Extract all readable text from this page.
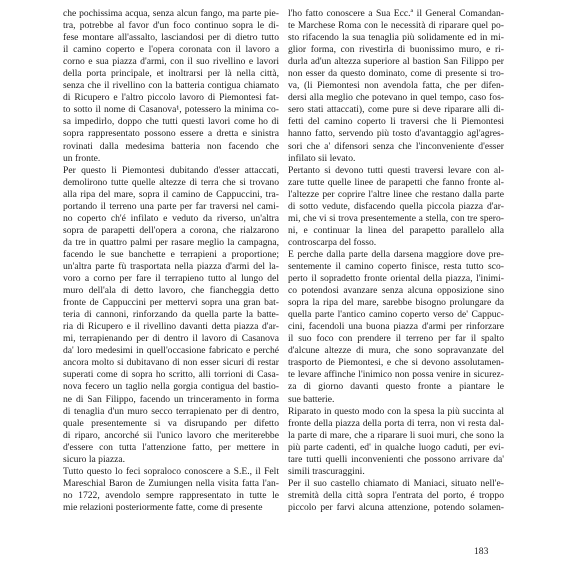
che pochissima acqua, senza alcun fango, ma parte pie-
tra, potrebbe al favor d'un foco continuo sopra le di-
fese montare all'assalto, lasciandosi per di dietro tutto
il camino coperto e l'opera coronata con il lavoro a
corno e sua piazza d'armi, con il suo rivellino e lavori
della porta principale, et inoltrarsi per là nella città,
senza che il rivellino con la batteria contigua chiamato
di Ricupero e l'altro piccolo lavoro di Piemontesi fat-
to sotto il nome di Casanova¹, potessero la minima co-
sa impedirlo, doppo che tutti questi lavori come ho di
sopra rappresentato possono essere a dretta e sinistra
rovinati dalla medesima batteria non facendo che
un fronte.
Per questo li Piemontesi dubitando d'esser attaccati,
demolirono tutte quelle altezze di terra che si trovano
alla ripa del mare, sopra il camino de Cappuccini, tra-
portando il terreno una parte per far traversi nel cami-
no coperto ch'é infilato e veduto da riverso, un'altra
sopra de parapetti dell'opera a corona, che rialzarono
da tre in quattro palmi per rasare meglio la campagna,
facendo le sue banchette e terrapieni a proportione;
un'altra parte fù trasportata nella piazza d'armi del la-
voro a corno per fare il terrapieno tutto al lungo del
muro dell'ala di detto lavoro, che fiancheggia detto
fronte de Cappuccini per mettervi sopra una gran bat-
teria di cannoni, rinforzando da quella parte la batte-
ria di Ricupero e il rivellino davanti detta piazza d'ar-
mi, terrapienando per di dentro il lavoro di Casanova
da' loro medesimi in quell'occasione fabricato e perché
ancora molto si dubitavano di non esser sicuri di restar
superati come di sopra ho scritto, alli torrioni di Casa-
nova fecero un taglio nella gorgia contigua del bastio-
ne di San Filippo, facendo un trinceramento in forma
di tenaglia d'un muro secco terrapienato per di dentro,
quale presentemente si va disrupando per difetto
di riparo, ancorché sii l'unico lavoro che meriterebbe
d'essere con tutta l'attenzione fatto, per mettere in
sicuro la piazza.
Tutto questo lo feci sopraloco conoscere a S.E., il Felt
Mareschial Baron de Zumiungen nella visita fatta l'an-
no 1722, avendolo sempre rappresentato in tutte le
mie relazioni posteriormente fatte, come di presente
l'ho fatto conoscere a Sua Ecc.ª il General Comandan-
te Marchese Roma con le necessità di riparare quel po-
sto rifacendo la sua tenaglia più solidamente ed in mi-
glior forma, con rivestirla di buonissimo muro, e ri-
durla ad'un altezza superiore al bastion San Filippo per
non esser da questo dominato, come di presente si tro-
va, (li Piemontesi non avendola fatta, che per difen-
dersi alla meglio che potevano in quel tempo, caso fos-
sero stati attaccati), come pure si deve riparare alli di-
fetti del camino coperto li traversi che li Piemontesi
hanno fatto, servendo più tosto d'avantaggio agl'agres-
sori che a' difensori senza che l'inconveniente d'esser
infilato sii levato.
Pertanto si devono tutti questi traversi levare con al-
zare tutte quelle linee de parapetti che fanno fronte al-
l'altezze per coprire l'altre linee che restano dalla parte
di sotto vedute, disfacendo quella piccola piazza d'ar-
mi, che vi si trova presentemente a stella, con tre spero-
ni, e continuar la linea del parapetto parallelo alla
controscarpa del fosso.
E perche dalla parte della darsena maggiore dove pre-
sentemente il camino coperto finisce, resta tutto sco-
perto il sopradetto fronte oriental della piazza, l'inimi-
co potendosi avanzare senza alcuna opposizione sino
sopra la ripa del mare, sarebbe bisogno prolungare da
quella parte l'antico camino coperto verso de' Cappuc-
cini, facendoli una buona piazza d'armi per rinforzare
il suo foco con prendere il terreno per far il spalto
d'alcune altezze di mura, che sono sopravanzate del
trasporto de Piemontesi, e che si devono assolutamen-
te levare affinche l'inimico non possa venire in sicurez-
za di giorno davanti questo fronte a piantare le
sue batterie.
Riparato in questo modo con la spesa la più succinta al
fronte della piazza della porta di terra, non vi resta dal-
la parte di mare, che a riparare li suoi muri, che sono la
più parte cadenti, ed' in qualche luogo caduti, per evi-
tare tutti quelli inconvenienti che possono arrivare da'
simili trascuraggini.
Per il suo castello chiamato di Maniaci, situato nell'e-
stremità della città sopra l'entrata del porto, é troppo
piccolo per farvi alcuna attenzione, potendo solamen-
183
